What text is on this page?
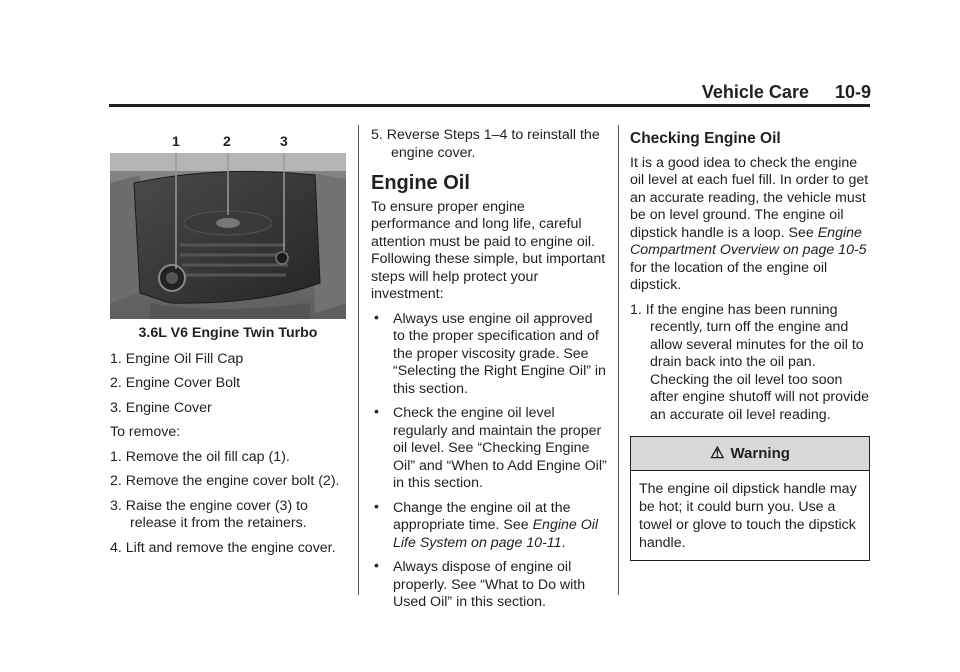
Vehicle Care 10-9
1	2	3

3.6L V6 Engine Twin Turbo

1. Engine Oil Fill Cap

2. Engine Cover Bolt

3. Engine Cover

To remove:

1. Remove the oil fill cap (1).

2. Remove the engine cover bolt (2).

3. Raise the engine cover (3) to release it from the retainers.

4. Lift and remove the engine cover.

5. Reverse Steps 1–4 to reinstall the engine cover.

Engine Oil

To ensure proper engine performance and long life, careful attention must be paid to engine oil. Following these simple, but important steps will help protect your investment:

• Always use engine oil approved to the proper specification and of the proper viscosity grade. See “Selecting the Right Engine Oil” in this section.

• Check the engine oil level regularly and maintain the proper oil level. See “Checking Engine Oil” and “When to Add Engine Oil” in this section.

• Change the engine oil at the appropriate time. See Engine Oil Life System on page 10-11.

• Always dispose of engine oil properly. See “What to Do with Used Oil” in this section.

Checking Engine Oil

It is a good idea to check the engine oil level at each fuel fill. In order to get an accurate reading, the vehicle must be on level ground. The engine oil dipstick handle is a loop. See Engine Compartment Overview on page 10-5 for the location of the engine oil dipstick.

1. If the engine has been running recently, turn off the engine and allow several minutes for the oil to drain back into the oil pan. Checking the oil level too soon after engine shutoff will not provide an accurate oil level reading.

⚠ Warning
The engine oil dipstick handle may be hot; it could burn you. Use a towel or glove to touch the dipstick handle.
